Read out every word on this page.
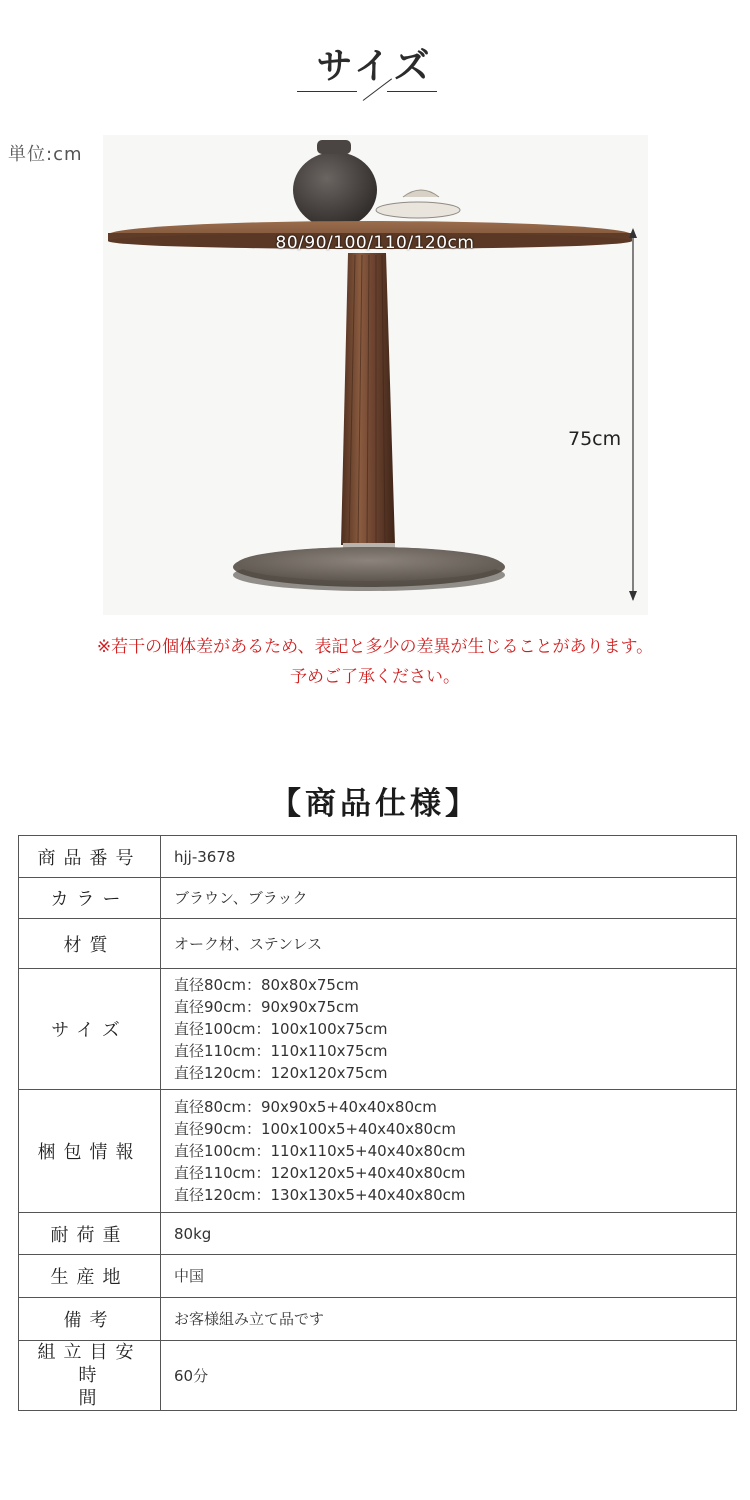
サイズ
単位:cm
80/90/100/110/120cm
75cm
※若干の個体差があるため、表記と多少の差異が生じることがあります。
予めご了承ください。
【商品仕様】
商品番号	hjj-3678
カラー	ブラウン、ブラック
材質	オーク材、ステンレス
サイズ	直径80cm：80x80x75cm
直径90cm：90x90x75cm
直径100cm：100x100x75cm
直径110cm：110x110x75cm
直径120cm：120x120x75cm

梱包情報	直径80cm：90x90x5+40x40x80cm
直径90cm：100x100x5+40x40x80cm
直径100cm：110x110x5+40x40x80cm
直径110cm：120x120x5+40x40x80cm
直径120cm：130x130x5+40x40x80cm

耐荷重	80kg
生産地	中国
備考	お客様組み立て品です

組立目安
時間	60分
